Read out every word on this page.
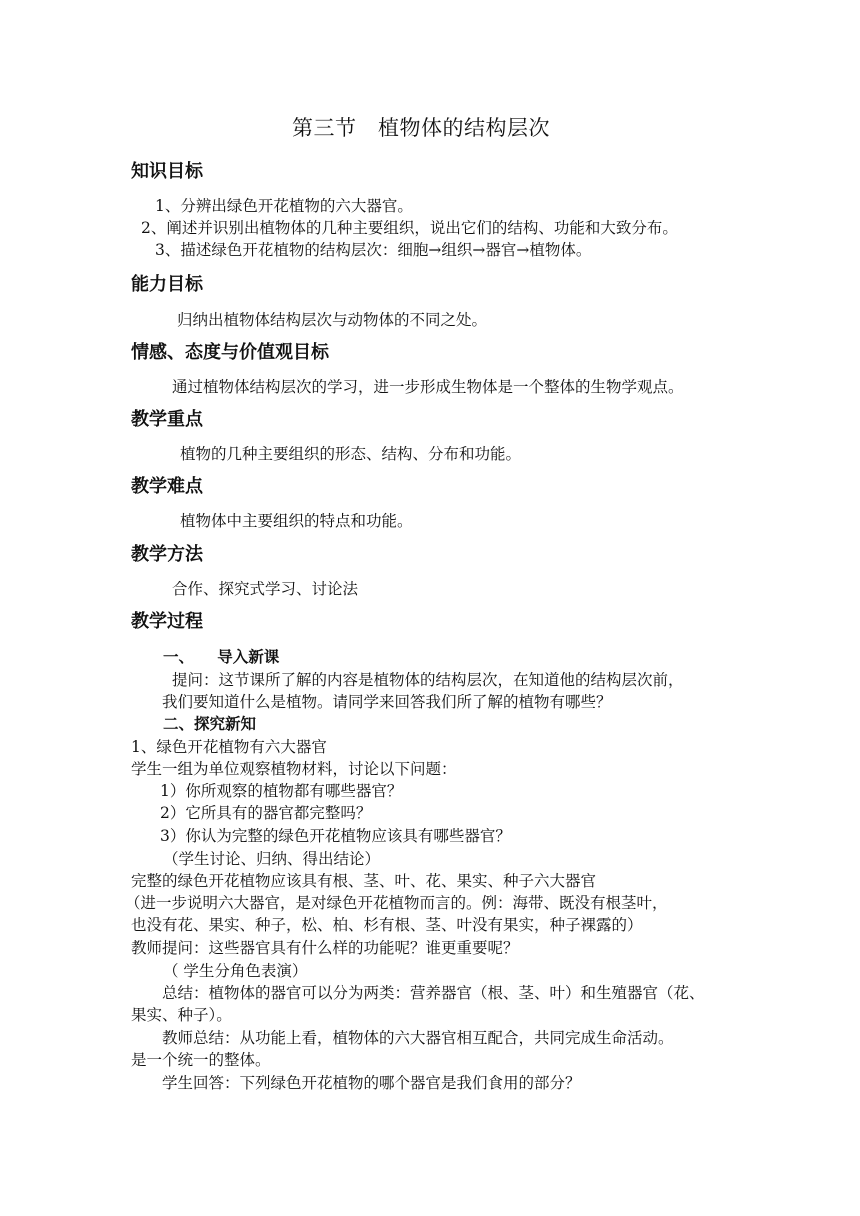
第三节　植物体的结构层次
知识目标
1、分辨出绿色开花植物的六大器官。
2、阐述并识别出植物体的几种主要组织，说出它们的结构、功能和大致分布。
3、描述绿色开花植物的结构层次：细胞→组织→器官→植物体。
能力目标
归纳出植物体结构层次与动物体的不同之处。
情感、态度与价值观目标
通过植物体结构层次的学习，进一步形成生物体是一个整体的生物学观点。
教学重点
植物的几种主要组织的形态、结构、分布和功能。
教学难点
植物体中主要组织的特点和功能。
教学方法
合作、探究式学习、讨论法
教学过程
一、　　导入新课
提问：这节课所了解的内容是植物体的结构层次，在知道他的结构层次前，
我们要知道什么是植物。请同学来回答我们所了解的植物有哪些？
二、探究新知
1、绿色开花植物有六大器官
学生一组为单位观察植物材料，讨论以下问题：
1）你所观察的植物都有哪些器官？
2）它所具有的器官都完整吗？
3）你认为完整的绿色开花植物应该具有哪些器官？
（学生讨论、归纳、得出结论）
完整的绿色开花植物应该具有根、茎、叶、花、果实、种子六大器官
（进一步说明六大器官，是对绿色开花植物而言的。例：海带、既没有根茎叶，
也没有花、果实、种子，松、柏、杉有根、茎、叶没有果实，种子裸露的）
教师提问：这些器官具有什么样的功能呢？谁更重要呢？
（ 学生分角色表演）
总结：植物体的器官可以分为两类：营养器官（根、茎、叶）和生殖器官（花、
果实、种子）。
教师总结：从功能上看，植物体的六大器官相互配合，共同完成生命活动。
是一个统一的整体。
学生回答：下列绿色开花植物的哪个器官是我们食用的部分？
